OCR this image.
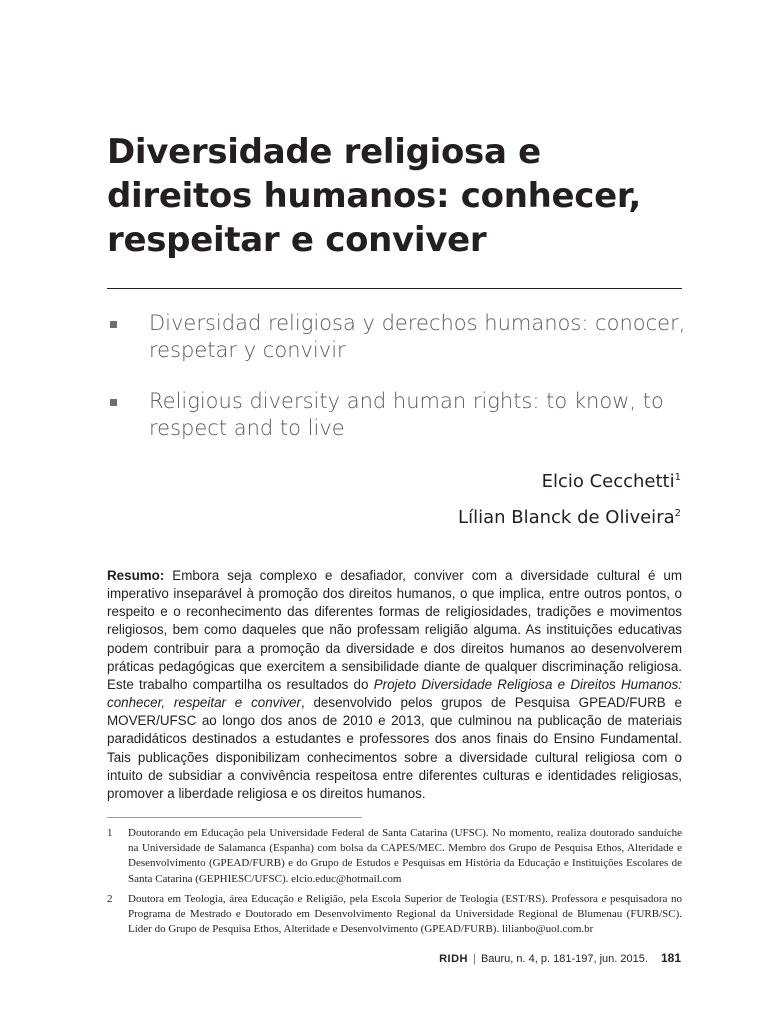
Diversidade religiosa e direitos humanos: conhecer, respeitar e conviver
Diversidad religiosa y derechos humanos: conocer, respetar y convivir
Religious diversity and human rights: to know, to respect and to live
Elcio Cecchetti$^1$
Lílian Blanck de Oliveira$^2$

Resumo: Embora seja complexo e desafiador, conviver com a diversidade cultural é um imperativo inseparável à promoção dos direitos humanos, o que implica, entre outros pontos, o respeito e o reconhecimento das diferentes formas de religiosidades, tradições e movimentos religiosos, bem como daqueles que não professam religião alguma. As instituições educativas podem contribuir para a promoção da diversidade e dos direitos humanos ao desenvolverem práticas pedagógicas que exercitem a sensibilidade diante de qualquer discriminação religiosa. Este trabalho compartilha os resultados do Projeto Diversidade Religiosa e Direitos Humanos: conhecer, respeitar e conviver, desenvolvido pelos grupos de Pesquisa GPEAD/FURB e MOVER/UFSC ao longo dos anos de 2010 e 2013, que culminou na publicação de materiais paradidáticos destinados a estudantes e professores dos anos finais do Ensino Fundamental. Tais publicações disponibilizam conhecimentos sobre a diversidade cultural religiosa com o intuito de subsidiar a convivência respeitosa entre diferentes culturas e identidades religiosas, promover a liberdade religiosa e os direitos humanos.

1 Doutorando em Educação pela Universidade Federal de Santa Catarina (UFSC). No momento, realiza doutorado sanduíche na Universidade de Salamanca (Espanha) com bolsa da CAPES/MEC. Membro dos Grupo de Pesquisa Ethos, Alteridade e Desenvolvimento (GPEAD/FURB) e do Grupo de Estudos e Pesquisas em História da Educação e Instituições Escolares de Santa Catarina (GEPHIESC/UFSC). elcio.educ@hotmail.com
2 Doutora em Teologia, área Educação e Religião, pela Escola Superior de Teologia (EST/RS). Professora e pesquisadora no Programa de Mestrado e Doutorado em Desenvolvimento Regional da Universidade Regional de Blumenau (FURB/SC). Líder do Grupo de Pesquisa Ethos, Alteridade e Desenvolvimento (GPEAD/FURB). lilianbo@uol.com.br
RIDH | Bauru, n. 4, p. 181-197, jun. 2015. 181
